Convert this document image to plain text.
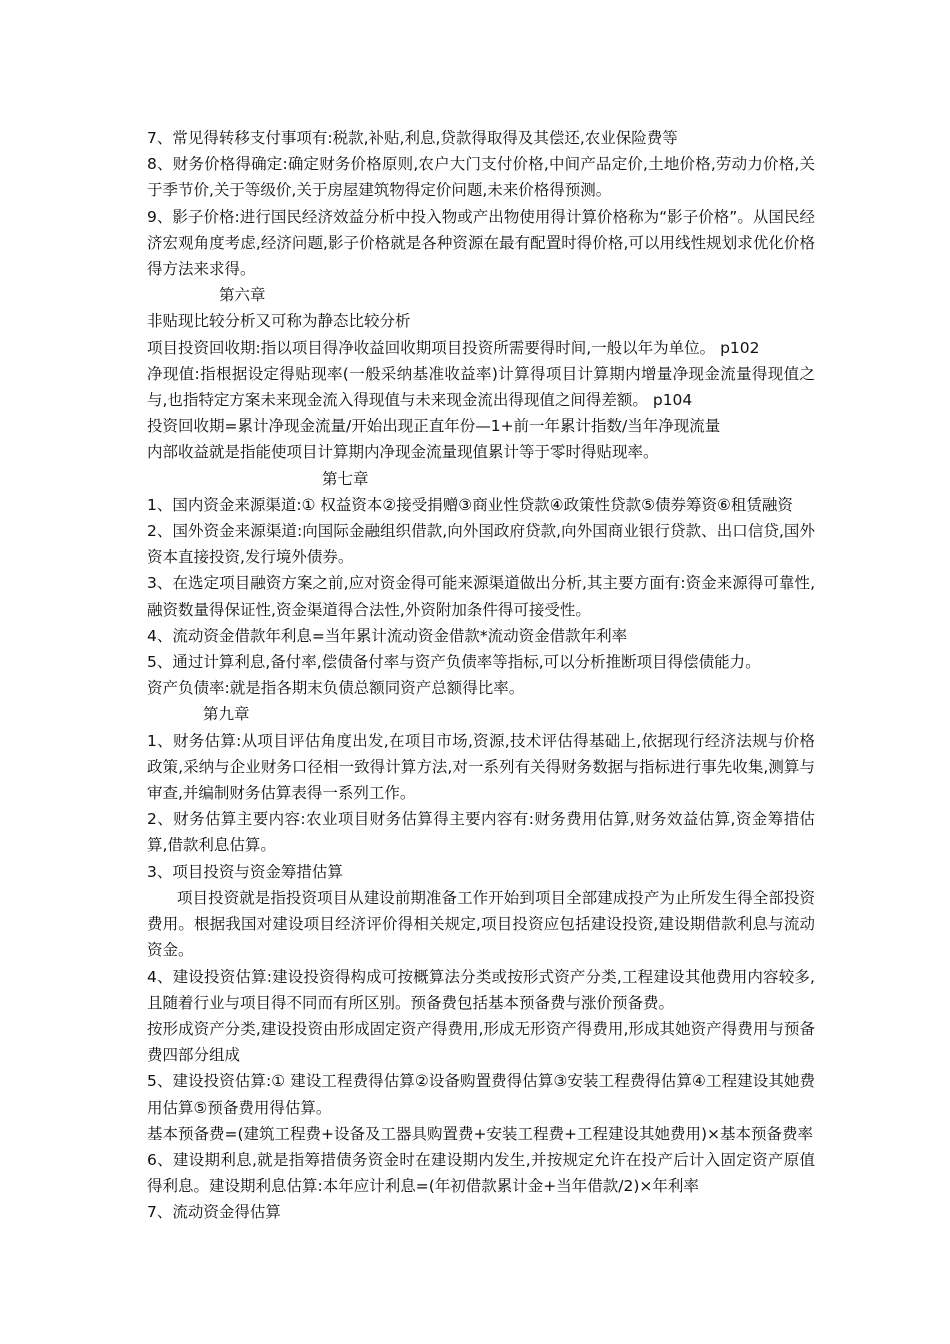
7、常见得转移支付事项有:税款,补贴,利息,贷款得取得及其偿还,农业保险费等

8、财务价格得确定:确定财务价格原则,农户大门支付价格,中间产品定价,土地价格,劳动力价格,关于季节价,关于等级价,关于房屋建筑物得定价问题,未来价格得预测。

9、影子价格:进行国民经济效益分析中投入物或产出物使用得计算价格称为“影子价格”。从国民经济宏观角度考虑,经济问题,影子价格就是各种资源在最有配置时得价格,可以用线性规划求优化价格得方法来求得。

第六章

非贴现比较分析又可称为静态比较分析

项目投资回收期:指以项目得净收益回收期项目投资所需要得时间,一般以年为单位。 p102

净现值:指根据设定得贴现率(一般采纳基准收益率)计算得项目计算期内增量净现金流量得现值之与,也指特定方案未来现金流入得现值与未来现金流出得现值之间得差额。 p104

投资回收期=累计净现金流量/开始出现正直年份—1+前一年累计指数/当年净现流量

内部收益就是指能使项目计算期内净现金流量现值累计等于零时得贴现率。

第七章

1、国内资金来源渠道:① 权益资本②接受捐赠③商业性贷款④政策性贷款⑤债券筹资⑥租赁融资

2、国外资金来源渠道:向国际金融组织借款,向外国政府贷款,向外国商业银行贷款、出口信贷,国外资本直接投资,发行境外债券。

3、在选定项目融资方案之前,应对资金得可能来源渠道做出分析,其主要方面有:资金来源得可靠性,融资数量得保证性,资金渠道得合法性,外资附加条件得可接受性。

4、流动资金借款年利息=当年累计流动资金借款*流动资金借款年利率

5、通过计算利息,备付率,偿债备付率与资产负债率等指标,可以分析推断项目得偿债能力。

资产负债率:就是指各期末负债总额同资产总额得比率。

第九章

1、财务估算:从项目评估角度出发,在项目市场,资源,技术评估得基础上,依据现行经济法规与价格政策,采纳与企业财务口径相一致得计算方法,对一系列有关得财务数据与指标进行事先收集,测算与审查,并编制财务估算表得一系列工作。

2、财务估算主要内容:农业项目财务估算得主要内容有:财务费用估算,财务效益估算,资金筹措估算,借款利息估算。

3、项目投资与资金筹措估算

项目投资就是指投资项目从建设前期准备工作开始到项目全部建成投产为止所发生得全部投资费用。根据我国对建设项目经济评价得相关规定,项目投资应包括建设投资,建设期借款利息与流动资金。

4、建设投资估算:建设投资得构成可按概算法分类或按形式资产分类,工程建设其他费用内容较多,且随着行业与项目得不同而有所区别。预备费包括基本预备费与涨价预备费。

按形成资产分类,建设投资由形成固定资产得费用,形成无形资产得费用,形成其她资产得费用与预备费四部分组成

5、建设投资估算:① 建设工程费得估算②设备购置费得估算③安装工程费得估算④工程建设其她费用估算⑤预备费用得估算。

基本预备费=(建筑工程费+设备及工器具购置费+安装工程费+工程建设其她费用)×基本预备费率

6、建设期利息,就是指筹措债务资金时在建设期内发生,并按规定允许在投产后计入固定资产原值得利息。建设期利息估算:本年应计利息=(年初借款累计金+当年借款/2)×年利率

7、流动资金得估算
